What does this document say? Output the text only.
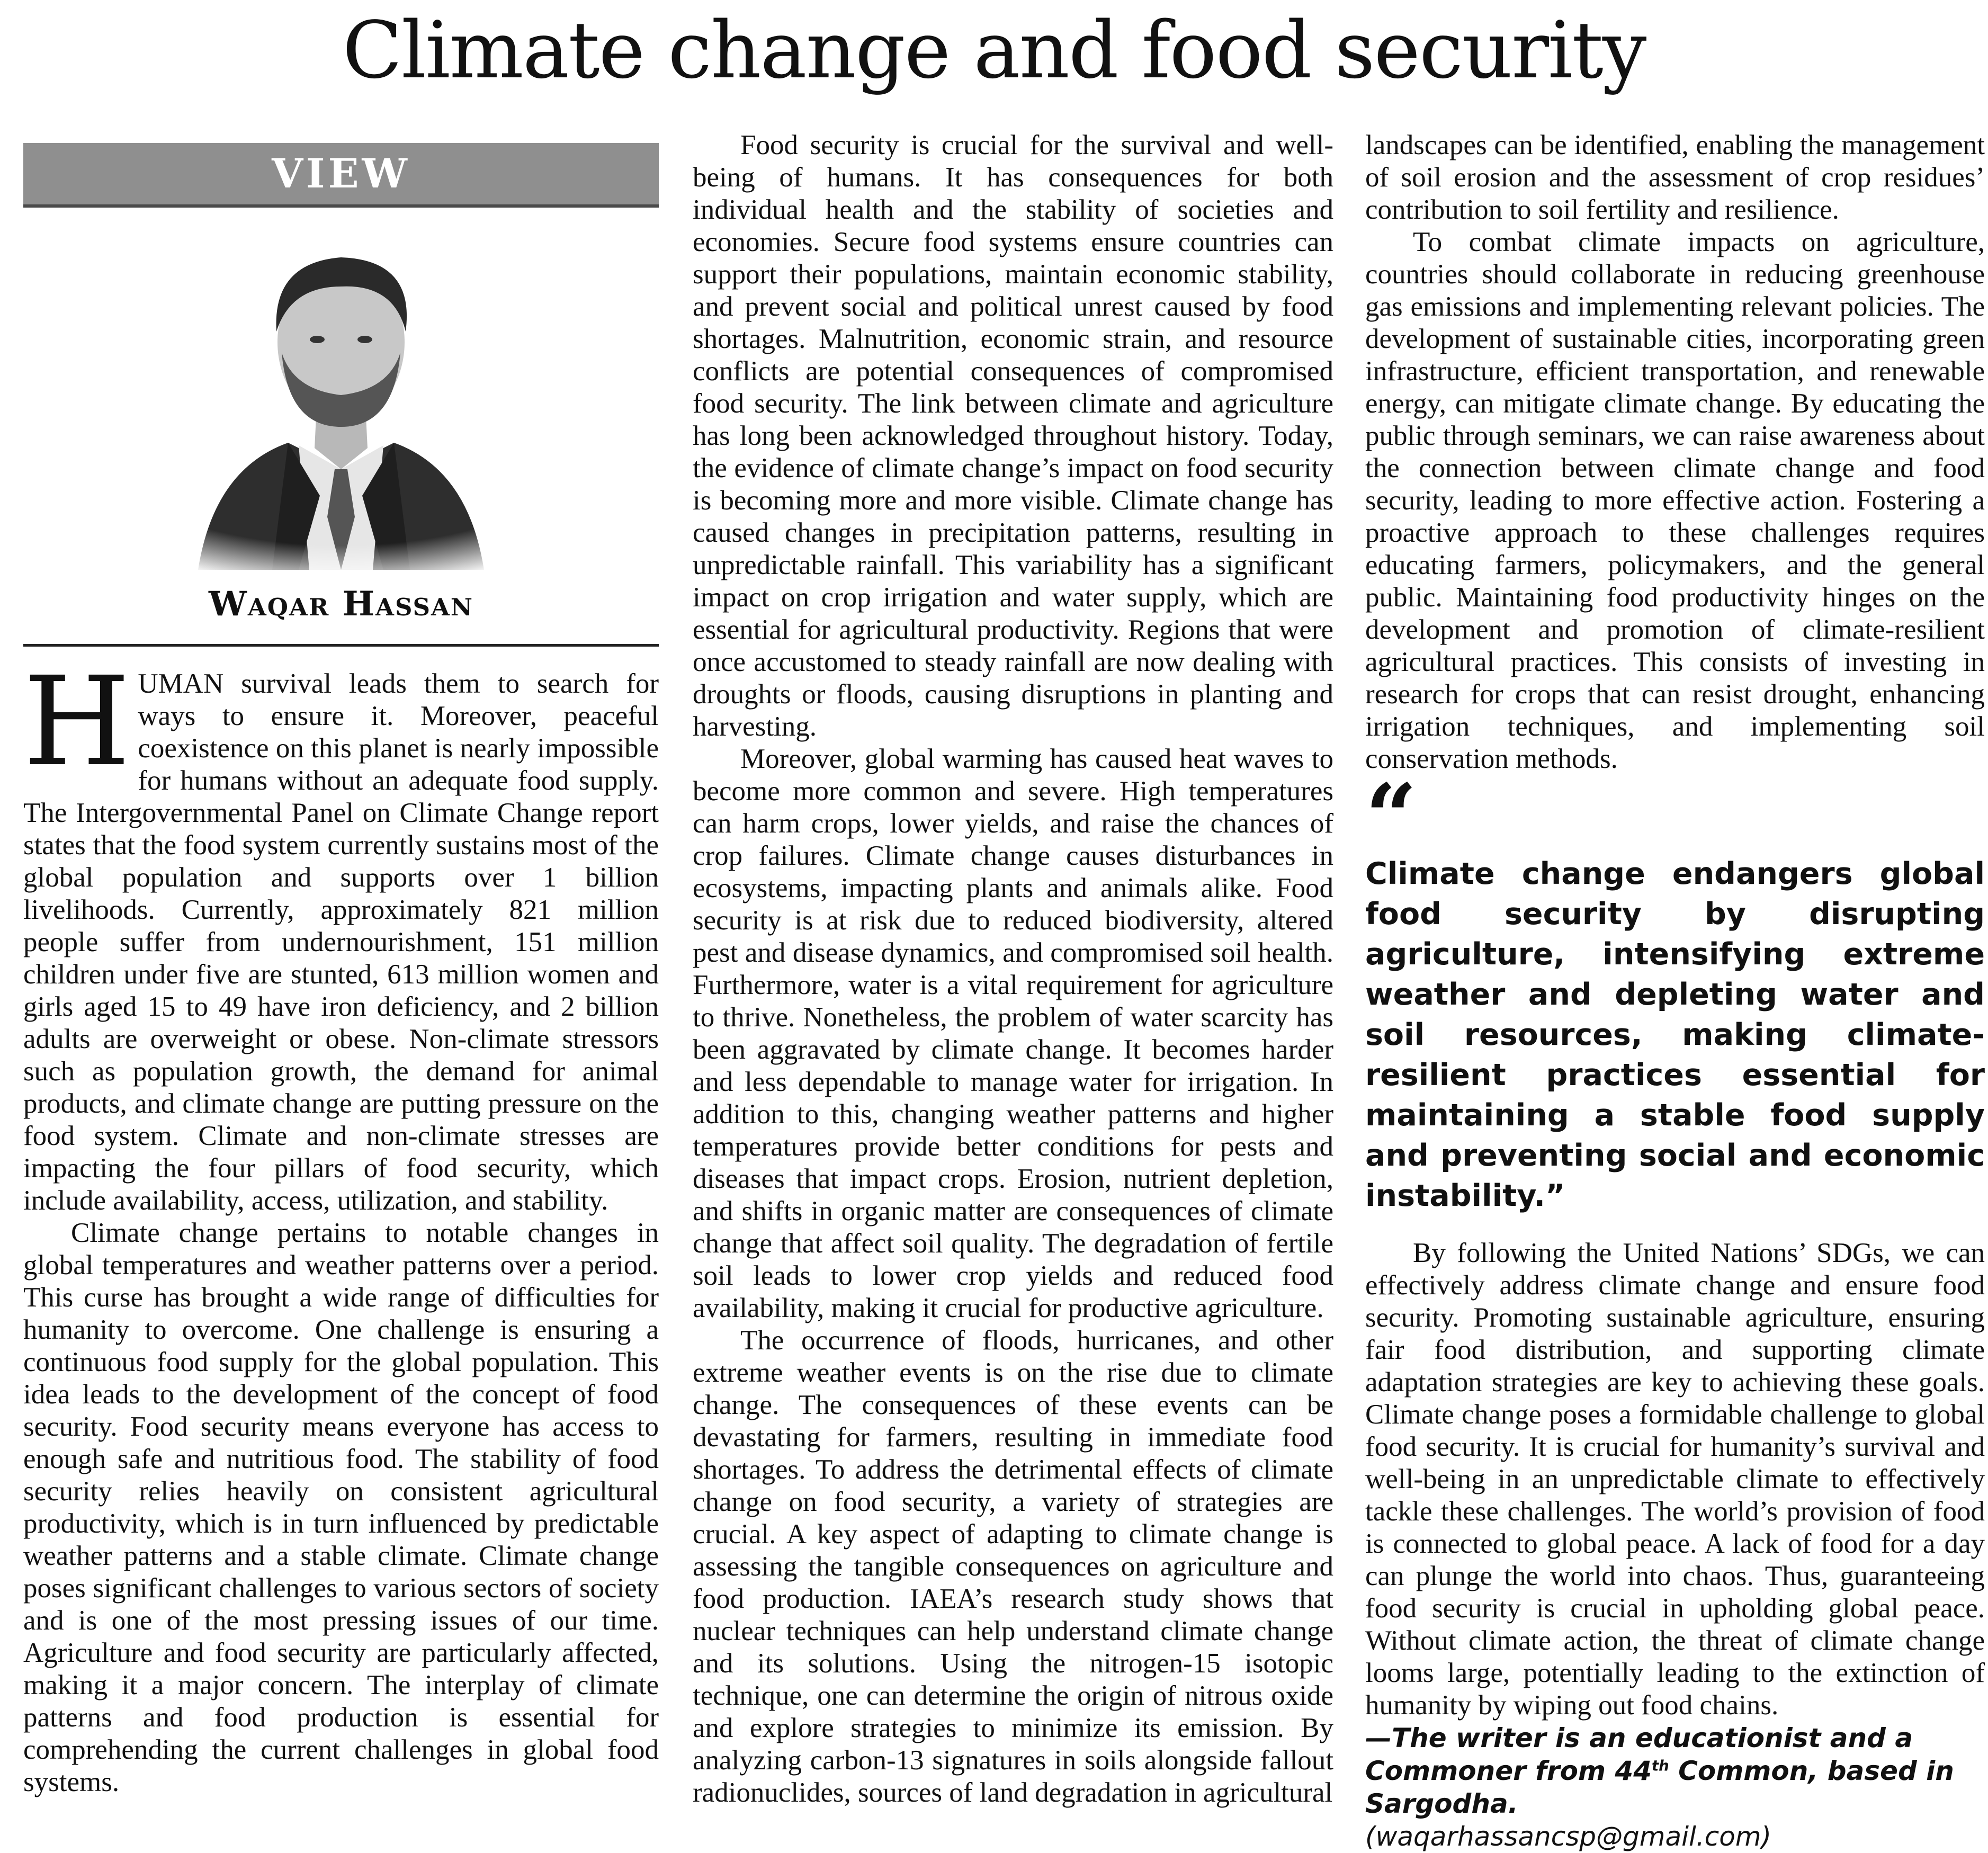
Climate change and food security
VIEW
Waqar Hassan

HUMAN survival leads them to search for ways to ensure it. Moreover, peaceful coexistence on this planet is nearly impossible for humans without an adequate food supply. The Intergovernmental Panel on Climate Change report states that the food system currently sustains most of the global population and supports over 1 billion livelihoods. Currently, approximately 821 million people suffer from undernourishment, 151 million children under five are stunted, 613 million women and girls aged 15 to 49 have iron deficiency, and 2 billion adults are overweight or obese. Non-climate stressors such as population growth, the demand for animal products, and climate change are putting pressure on the food system. Climate and non-climate stresses are impacting the four pillars of food security, which include availability, access, utilization, and stability.

Climate change pertains to notable changes in global temperatures and weather patterns over a period. This curse has brought a wide range of difficulties for humanity to overcome. One challenge is ensuring a continuous food supply for the global population. This idea leads to the development of the concept of food security. Food security means everyone has access to enough safe and nutritious food. The stability of food security relies heavily on consistent agricultural productivity, which is in turn influenced by predictable weather patterns and a stable climate. Climate change poses significant challenges to various sectors of society and is one of the most pressing issues of our time. Agriculture and food security are particularly affected, making it a major concern. The interplay of climate patterns and food production is essential for comprehending the current challenges in global food systems.

Food security is crucial for the survival and well-being of humans. It has consequences for both individual health and the stability of societies and economies. Secure food systems ensure countries can support their populations, maintain economic stability, and prevent social and political unrest caused by food shortages. Malnutrition, economic strain, and resource conflicts are potential consequences of compromised food security. The link between climate and agriculture has long been acknowledged throughout history. Today, the evidence of climate change’s impact on food security is becoming more and more visible. Climate change has caused changes in precipitation patterns, resulting in unpredictable rainfall. This variability has a significant impact on crop irrigation and water supply, which are essential for agricultural productivity. Regions that were once accustomed to steady rainfall are now dealing with droughts or floods, causing disruptions in planting and harvesting.

Moreover, global warming has caused heat waves to become more common and severe. High temperatures can harm crops, lower yields, and raise the chances of crop failures. Climate change causes disturbances in ecosystems, impacting plants and animals alike. Food security is at risk due to reduced biodiversity, altered pest and disease dynamics, and compromised soil health. Furthermore, water is a vital requirement for agriculture to thrive. Nonetheless, the problem of water scarcity has been aggravated by climate change. It becomes harder and less dependable to manage water for irrigation. In addition to this, changing weather patterns and higher temperatures provide better conditions for pests and diseases that impact crops. Erosion, nutrient depletion, and shifts in organic matter are consequences of climate change that affect soil quality. The degradation of fertile soil leads to lower crop yields and reduced food availability, making it crucial for productive agriculture.

The occurrence of floods, hurricanes, and other extreme weather events is on the rise due to climate change. The consequences of these events can be devastating for farmers, resulting in immediate food shortages. To address the detrimental effects of climate change on food security, a variety of strategies are crucial. A key aspect of adapting to climate change is assessing the tangible consequences on agriculture and food production. IAEA’s research study shows that nuclear techniques can help understand climate change and its solutions. Using the nitrogen-15 isotopic technique, one can determine the origin of nitrous oxide and explore strategies to minimize its emission. By analyzing carbon-13 signatures in soils alongside fallout radionuclides, sources of land degradation in agricultural

landscapes can be identified, enabling the management of soil erosion and the assessment of crop residues’ contribution to soil fertility and resilience.

To combat climate impacts on agriculture, countries should collaborate in reducing greenhouse gas emissions and implementing relevant policies. The development of sustainable cities, incorporating green infrastructure, efficient transportation, and renewable energy, can mitigate climate change. By educating the public through seminars, we can raise awareness about the connection between climate change and food security, leading to more effective action. Fostering a proactive approach to these challenges requires educating farmers, policymakers, and the general public. Maintaining food productivity hinges on the development and promotion of climate-resilient agricultural practices. This consists of investing in research for crops that can resist drought, enhancing irrigation techniques, and implementing soil conservation methods.

“
Climate change endangers global food security by disrupting agriculture, intensifying extreme weather and depleting water and soil resources, making climate-resilient practices essential for maintaining a stable food supply and preventing social and economic instability.”

By following the United Nations’ SDGs, we can effectively address climate change and ensure food security. Promoting sustainable agriculture, ensuring fair food distribution, and supporting climate adaptation strategies are key to achieving these goals. Climate change poses a formidable challenge to global food security. It is crucial for humanity’s survival and well-being in an unpredictable climate to effectively tackle these challenges. The world’s provision of food is connected to global peace. A lack of food for a day can plunge the world into chaos. Thus, guaranteeing food security is crucial in upholding global peace. Without climate action, the threat of climate change looms large, potentially leading to the extinction of humanity by wiping out food chains.

—The writer is an educationist and a Commoner from 44th Common, based in Sargodha.
(waqarhassancsp@gmail.com)
